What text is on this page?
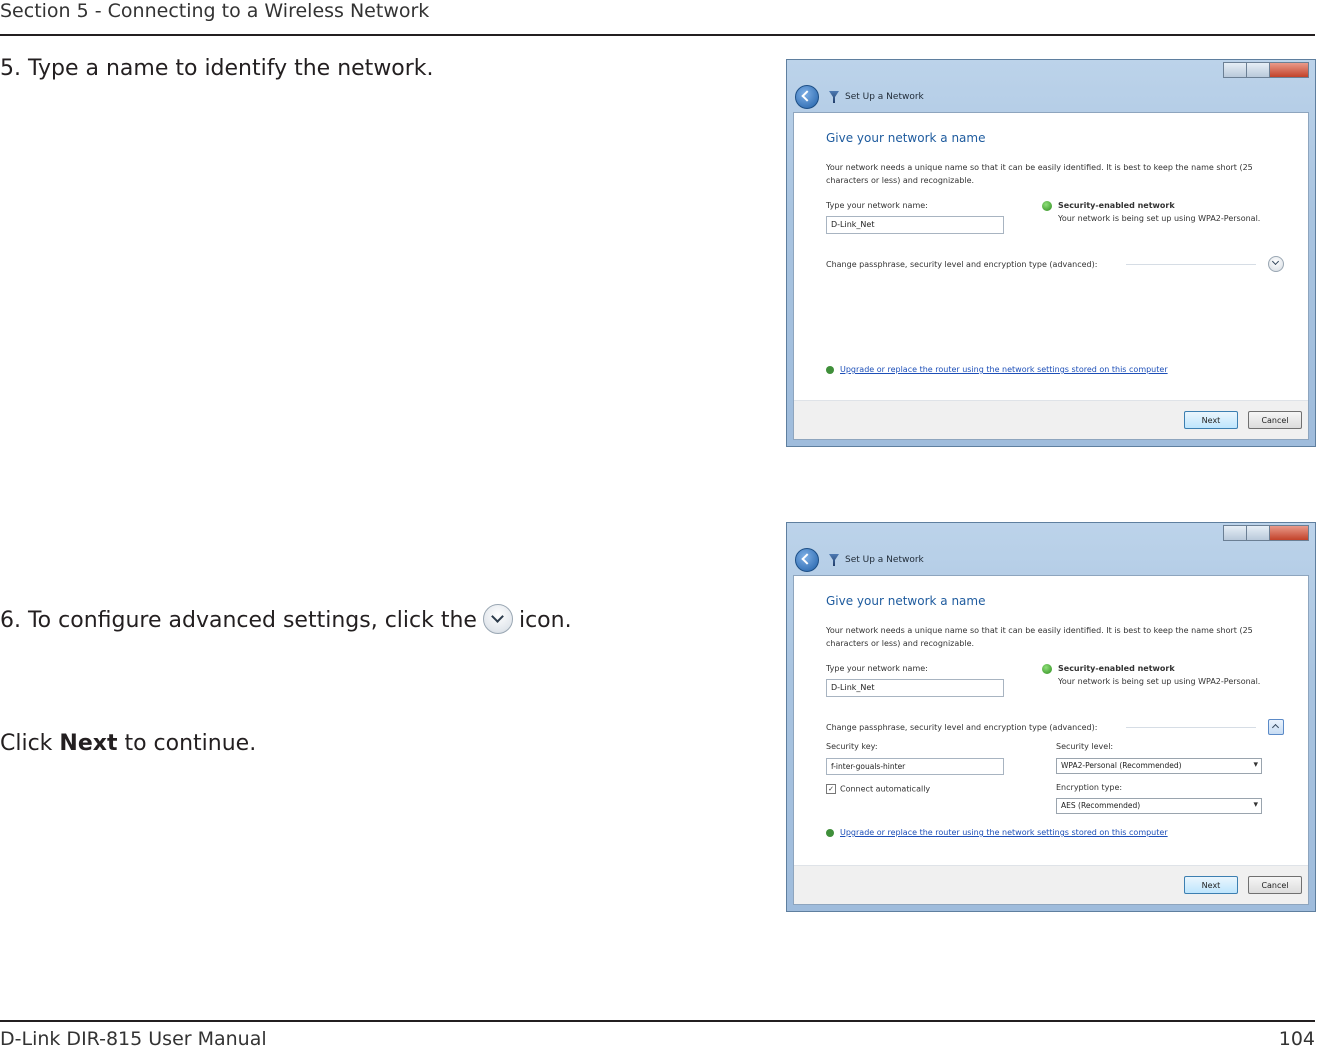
Section 5 - Connecting to a Wireless Network
5. Type a name to identify the network.
6. To configure advanced settings, click the icon.
Click Next to continue.
Set Up a Network
Give your network a name
Your network needs a unique name so that it can be easily identified. It is best to keep the name short (25
characters or less) and recognizable.
Type your network name:
D-Link_Net
Security-enabled network
Your network is being set up using WPA2-Personal.
Change passphrase, security level and encryption type (advanced):
Upgrade or replace the router using the network settings stored on this computer
Next	Cancel
Set Up a Network
Give your network a name
Your network needs a unique name so that it can be easily identified. It is best to keep the name short (25
characters or less) and recognizable.
Type your network name:
D-Link_Net
Security-enabled network
Your network is being set up using WPA2-Personal.
Change passphrase, security level and encryption type (advanced):
Security key:
f-inter-gouals-hinter
Security level:
WPA2-Personal (Recommended) ▾
✓ Connect automatically	Encryption type:
AES (Recommended) ▾
Upgrade or replace the router using the network settings stored on this computer
Next	Cancel
D-Link DIR-815 User Manual	104
